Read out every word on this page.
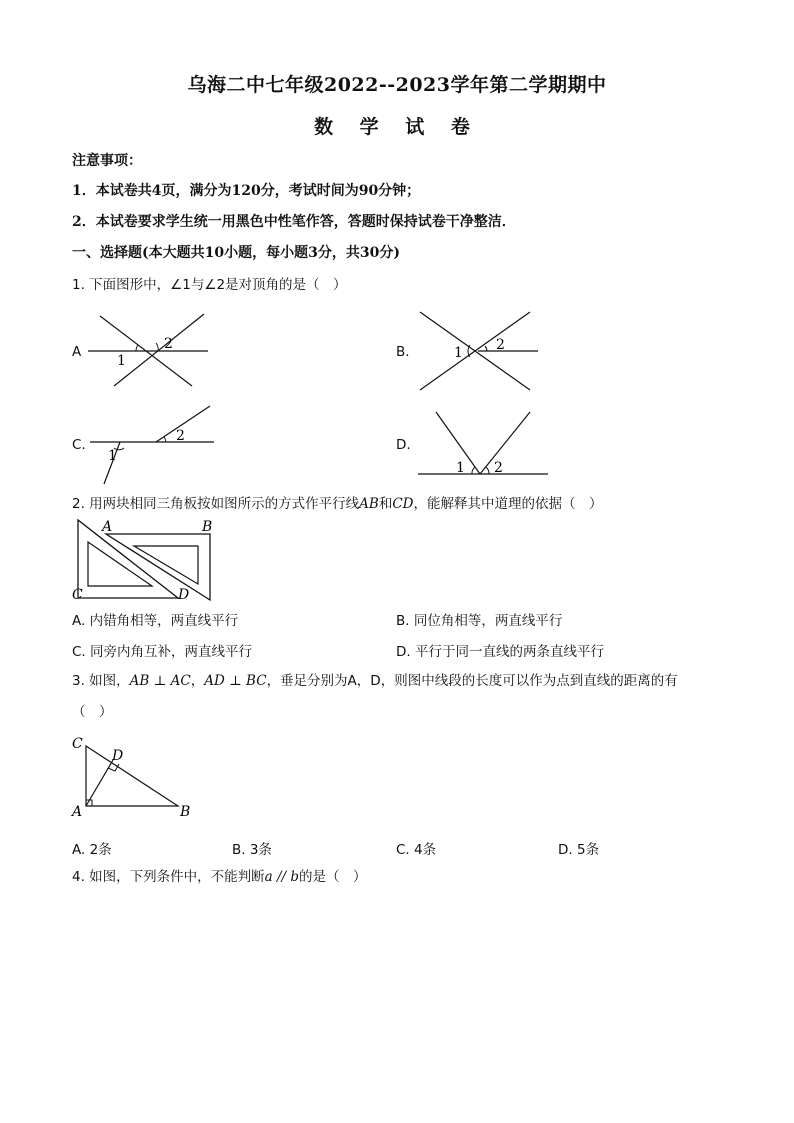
乌海二中七年级2022--2023学年第二学期期中
数 学 试 卷
注意事项：
1．本试卷共4页，满分为120分，考试时间为90分钟；
2．本试卷要求学生统一用黑色中性笔作答，答题时保持试卷干净整洁．
一、选择题(本大题共10小题，每小题3分，共30分)
1. 下面图形中，∠1与∠2是对顶角的是（　）
A
1
2	B.	1 2
C.
1
2
D.
1 2
2. 用两块相同三角板按如图所示的方式作平行线AB和CD，能解释其中道理的依据（　）
A	B
C	D
A. 内错角相等，两直线平行	B. 同位角相等，两直线平行
C. 同旁内角互补，两直线平行	D. 平行于同一直线的两条直线平行
3. 如图，AB ⊥ AC，AD ⊥ BC，垂足分别为A，D，则图中线段的长度可以作为点到直线的距离的有
（　）
C
D
A	B
A. 2条	B. 3条	C. 4条	D. 5条
4. 如图，下列条件中，不能判断a // b的是（　）
